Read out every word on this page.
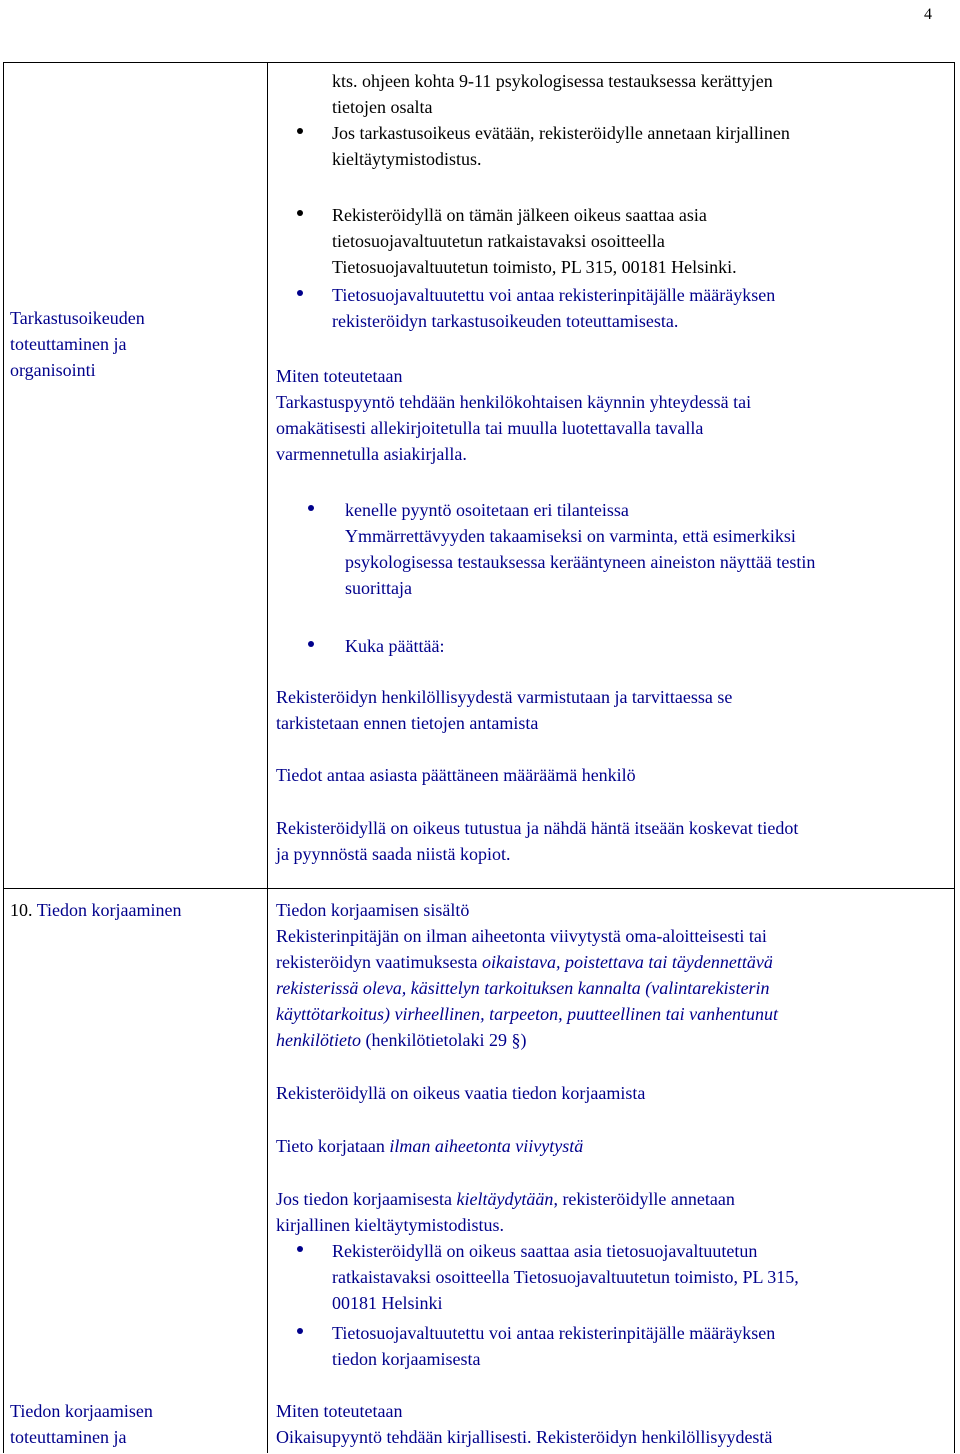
4
Tarkastusoikeuden
toteuttaminen ja
organisointi
kts. ohjeen kohta 9-11 psykologisessa testauksessa kerättyjen
tietojen osalta
Jos tarkastusoikeus evätään, rekisteröidylle annetaan kirjallinen
kieltäytymistodistus.
Rekisteröidyllä on tämän jälkeen oikeus saattaa asia
tietosuojavaltuutetun ratkaistavaksi osoitteella
Tietosuojavaltuutetun toimisto, PL 315, 00181 Helsinki.
Tietosuojavaltuutettu voi antaa rekisterinpitäjälle määräyksen
rekisteröidyn tarkastusoikeuden toteuttamisesta.
Miten toteutetaan
Tarkastuspyyntö tehdään henkilökohtaisen käynnin yhteydessä tai
omakätisesti allekirjoitetulla tai muulla luotettavalla tavalla
varmennetulla asiakirjalla.
kenelle pyyntö osoitetaan eri tilanteissa
Ymmärrettävyyden takaamiseksi on varminta, että esimerkiksi
psykologisessa testauksessa kerääntyneen aineiston näyttää testin
suorittaja
Kuka päättää:
Rekisteröidyn henkilöllisyydestä varmistutaan ja tarvittaessa se
tarkistetaan ennen tietojen antamista
Tiedot antaa asiasta päättäneen määräämä henkilö
Rekisteröidyllä on oikeus tutustua ja nähdä häntä itseään koskevat tiedot
ja pyynnöstä saada niistä kopiot.
10. Tiedon korjaaminen	Tiedon korjaamisen sisältö
Rekisterinpitäjän on ilman aiheetonta viivytystä oma-aloitteisesti tai
rekisteröidyn vaatimuksesta oikaistava, poistettava tai täydennettävä
rekisterissä oleva, käsittelyn tarkoituksen kannalta (valintarekisterin
käyttötarkoitus) virheellinen, tarpeeton, puutteellinen tai vanhentunut
henkilötieto (henkilötietolaki 29 §)
Rekisteröidyllä on oikeus vaatia tiedon korjaamista
Tieto korjataan ilman aiheetonta viivytystä
Jos tiedon korjaamisesta kieltäydytään, rekisteröidylle annetaan
kirjallinen kieltäytymistodistus.
Rekisteröidyllä on oikeus saattaa asia tietosuojavaltuutetun
ratkaistavaksi osoitteella Tietosuojavaltuutetun toimisto, PL 315,
00181 Helsinki
Tietosuojavaltuutettu voi antaa rekisterinpitäjälle määräyksen
tiedon korjaamisesta
Tiedon korjaamisen
toteuttaminen ja
Miten toteutetaan
Oikaisupyyntö tehdään kirjallisesti. Rekisteröidyn henkilöllisyydestä
